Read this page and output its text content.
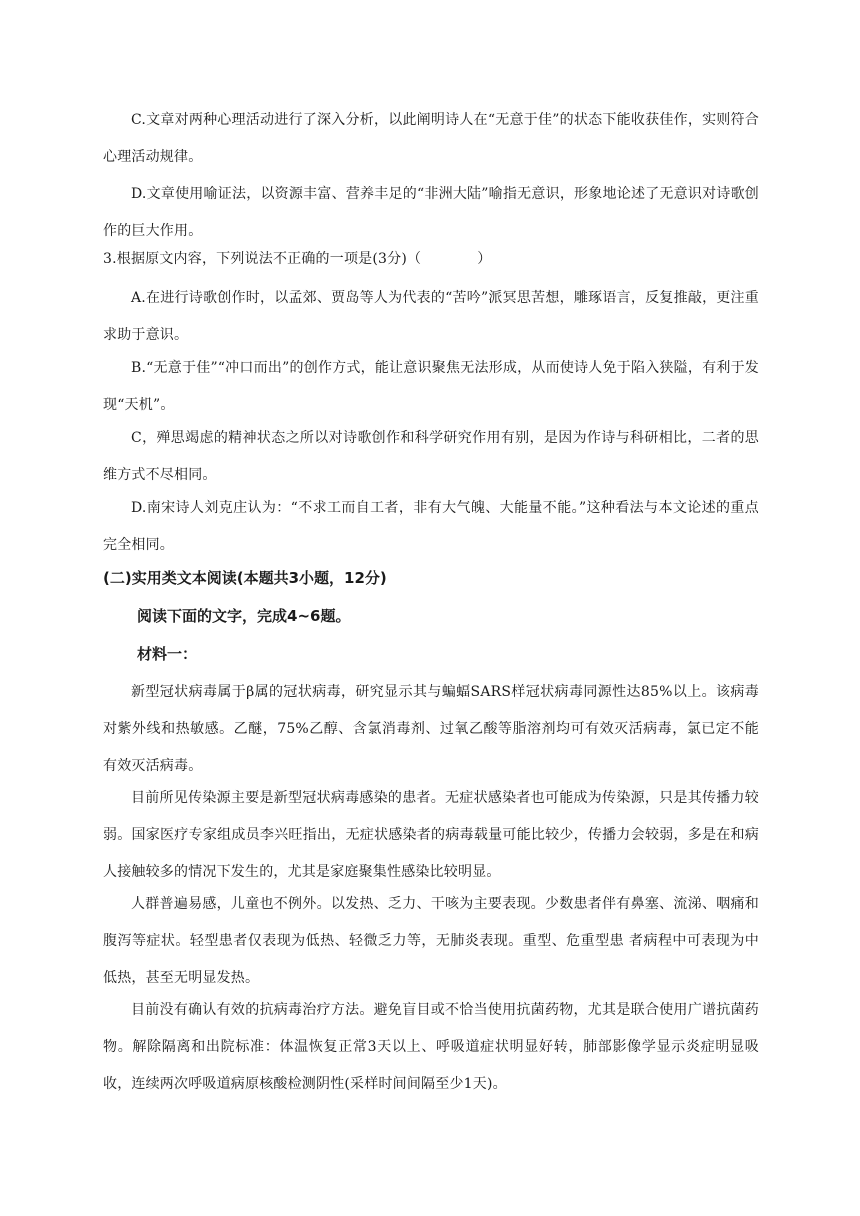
C.文章对两种心理活动进行了深入分析，以此阐明诗人在“无意于佳”的状态下能收获佳作，实则符合心理活动规律。

D.文章使用喻证法，以资源丰富、营养丰足的“非洲大陆”喻指无意识，形象地论述了无意识对诗歌创作的巨大作用。

3.根据原文内容，下列说法不正确的一项是(3分)（	）

A.在进行诗歌创作时，以孟郊、贾岛等人为代表的“苦吟”派冥思苦想，雕琢语言，反复推敲，更注重求助于意识。

B.“无意于佳”“冲口而出”的创作方式，能让意识聚焦无法形成，从而使诗人免于陷入狭隘，有利于发现“天机”。

C，殚思竭虑的精神状态之所以对诗歌创作和科学研究作用有别，是因为作诗与科研相比，二者的思维方式不尽相同。

D.南宋诗人刘克庄认为：“不求工而自工者，非有大气魄、大能量不能。”这种看法与本文论述的重点完全相同。

(二)实用类文本阅读(本题共3小题，12分)

阅读下面的文字，完成4~6题。

材料一：

新型冠状病毒属于β属的冠状病毒，研究显示其与蝙蝠SARS样冠状病毒同源性达85%以上。该病毒对紫外线和热敏感。乙醚，75%乙醇、含氯消毒剂、过氧乙酸等脂溶剂均可有效灭活病毒，氯已定不能有效灭活病毒。

目前所见传染源主要是新型冠状病毒感染的患者。无症状感染者也可能成为传染源，只是其传播力较弱。国家医疗专家组成员李兴旺指出，无症状感染者的病毒载量可能比较少，传播力会较弱，多是在和病人接触较多的情况下发生的，尤其是家庭聚集性感染比较明显。

人群普遍易感，儿童也不例外。以发热、乏力、干咳为主要表现。少数患者伴有鼻塞、流涕、咽痛和腹泻等症状。轻型患者仅表现为低热、轻微乏力等，无肺炎表现。重型、危重型患 者病程中可表现为中低热，甚至无明显发热。

目前没有确认有效的抗病毒治疗方法。避免盲目或不恰当使用抗菌药物，尤其是联合使用广谱抗菌药物。解除隔离和出院标准：体温恢复正常3天以上、呼吸道症状明显好转，肺部影像学显示炎症明显吸收，连续两次呼吸道病原核酸检测阴性(采样时间间隔至少1天)。
